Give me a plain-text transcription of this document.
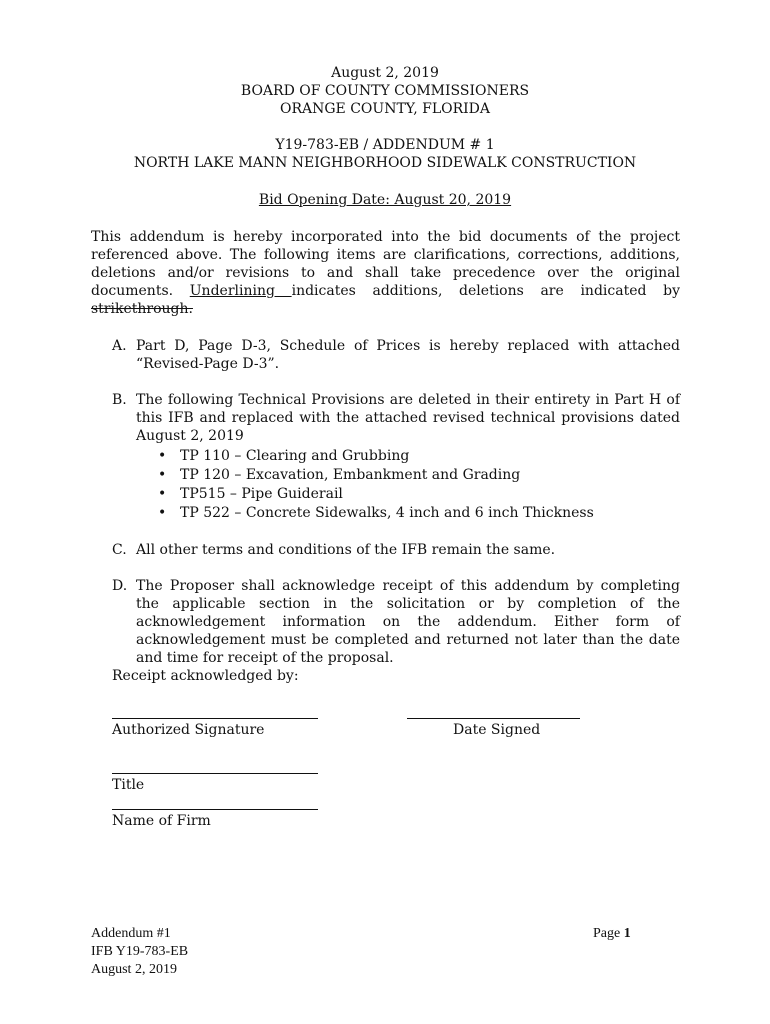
August 2, 2019
BOARD OF COUNTY COMMISSIONERS
ORANGE COUNTY, FLORIDA
Y19-783-EB / ADDENDUM # 1
NORTH LAKE MANN NEIGHBORHOOD SIDEWALK CONSTRUCTION
Bid Opening Date: August 20, 2019
This addendum is hereby incorporated into the bid documents of the project referenced above. The following items are clarifications, corrections, additions, deletions and/or revisions to and shall take precedence over the original documents. Underlining indicates additions, deletions are indicated by strikethrough.
A. Part D, Page D-3, Schedule of Prices is hereby replaced with attached “Revised-Page D-3”.
B. The following Technical Provisions are deleted in their entirety in Part H of this IFB and replaced with the attached revised technical provisions dated August 2, 2019
• TP 110 – Clearing and Grubbing
• TP 120 – Excavation, Embankment and Grading
• TP515 – Pipe Guiderail
• TP 522 – Concrete Sidewalks, 4 inch and 6 inch Thickness
C. All other terms and conditions of the IFB remain the same.
D. The Proposer shall acknowledge receipt of this addendum by completing the applicable section in the solicitation or by completion of the acknowledgement information on the addendum. Either form of acknowledgement must be completed and returned not later than the date and time for receipt of the proposal.
Receipt acknowledged by:
Authorized Signature	Date Signed
Title
Name of Firm
Addendum #1
IFB Y19-783-EB
August 2, 2019
Page 1
